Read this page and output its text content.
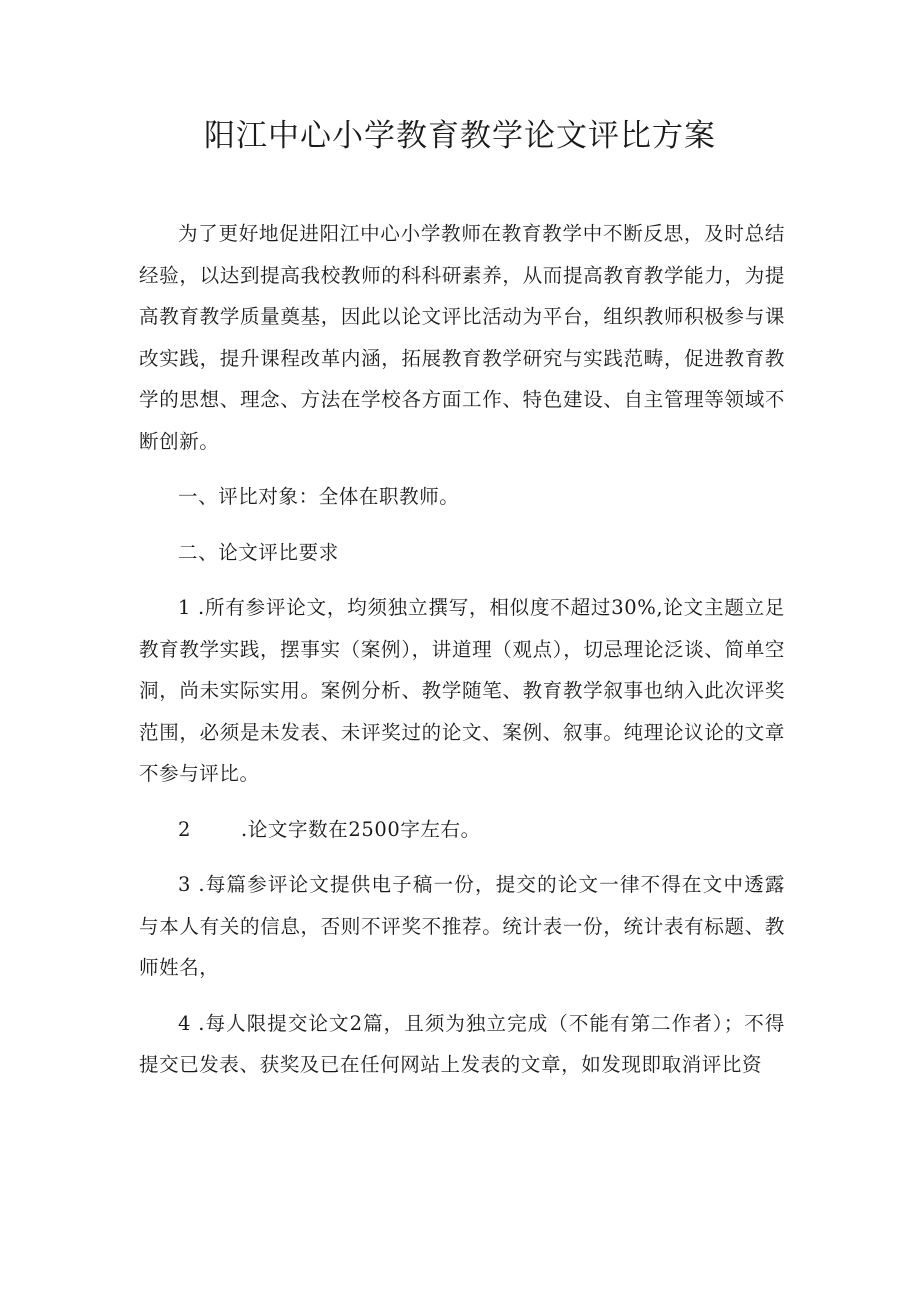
阳江中心小学教育教学论文评比方案

为了更好地促进阳江中心小学教师在教育教学中不断反思，及时总结经验，以达到提高我校教师的科科研素养，从而提高教育教学能力，为提高教育教学质量奠基，因此以论文评比活动为平台，组织教师积极参与课改实践，提升课程改革内涵，拓展教育教学研究与实践范畴，促进教育教学的思想、理念、方法在学校各方面工作、特色建设、自主管理等领域不断创新。

一、评比对象：全体在职教师。

二、论文评比要求

1 .所有参评论文，均须独立撰写，相似度不超过30%,论文主题立足教育教学实践，摆事实（案例），讲道理（观点），切忌理论泛谈、简单空洞，尚未实际实用。案例分析、教学随笔、教育教学叙事也纳入此次评奖范围，必须是未发表、未评奖过的论文、案例、叙事。纯理论议论的文章不参与评比。

2	.论文字数在2500字左右。

3 .每篇参评论文提供电子稿一份，提交的论文一律不得在文中透露与本人有关的信息，否则不评奖不推荐。统计表一份，统计表有标题、教师姓名，

4 .每人限提交论文2篇，且须为独立完成（不能有第二作者）；不得提交已发表、获奖及已在任何网站上发表的文章，如发现即取消评比资
